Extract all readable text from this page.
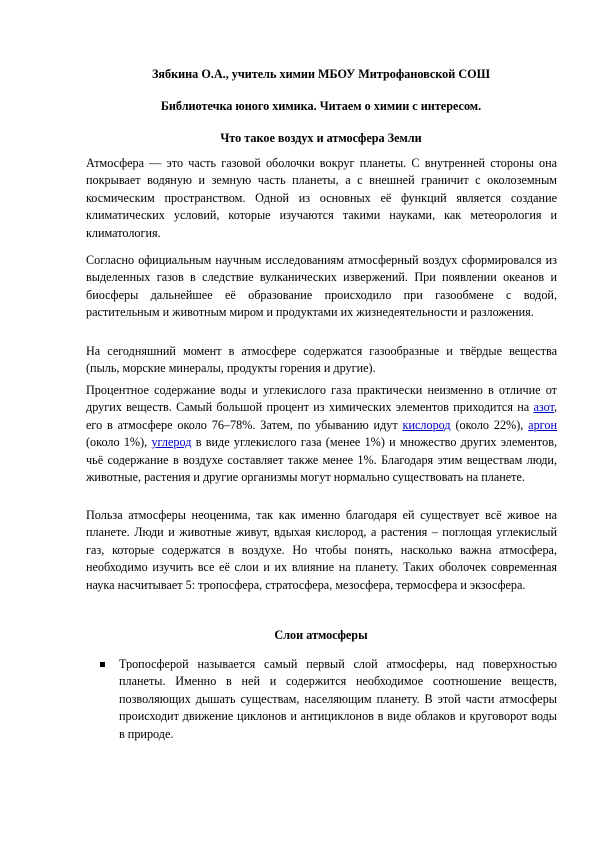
Зябкина О.А., учитель химии МБОУ Митрофановской СОШ
Библиотечка юного химика. Читаем о химии с интересом.
Что такое воздух и атмосфера Земли

Атмосфера — это часть газовой оболочки вокруг планеты. С внутренней стороны она покрывает водяную и земную часть планеты, а с внешней граничит с околоземным космическим пространством. Одной из основных её функций является создание климатических условий, которые изучаются такими науками, как метеорология и климатология.

Согласно официальным научным исследованиям атмосферный воздух сформировался из выделенных газов в следствие вулканических извержений. При появлении океанов и биосферы дальнейшее её образование происходило при газообмене с водой, растительным и животным миром и продуктами их жизнедеятельности и разложения.

На сегодняшний момент в атмосфере содержатся газообразные и твёрдые вещества (пыль, морские минералы, продукты горения и другие).

Процентное содержание воды и углекислого газа практически неизменно в отличие от других веществ. Самый большой процент из химических элементов приходится на азот, его в атмосфере около 76–78%. Затем, по убыванию идут кислород (около 22%), аргон (около 1%), углерод в виде углекислого газа (менее 1%) и множество других элементов, чьё содержание в воздухе составляет также менее 1%. Благодаря этим веществам люди, животные, растения и другие организмы могут нормально существовать на планете.

Польза атмосферы неоценима, так как именно благодаря ей существует всё живое на планете. Люди и животные живут, вдыхая кислород, а растения – поглощая углекислый газ, которые содержатся в воздухе. Но чтобы понять, насколько важна атмосфера, необходимо изучить все её слои и их влияние на планету. Таких оболочек современная наука насчитывает 5: тропосфера, стратосфера, мезосфера, термосфера и экзосфера.

Слои атмосферы
Тропосферой называется самый первый слой атмосферы, над поверхностью планеты. Именно в ней и содержится необходимое соотношение веществ, позволяющих дышать существам, населяющим планету. В этой части атмосферы происходит движение циклонов и антициклонов в виде облаков и круговорот воды в природе.
